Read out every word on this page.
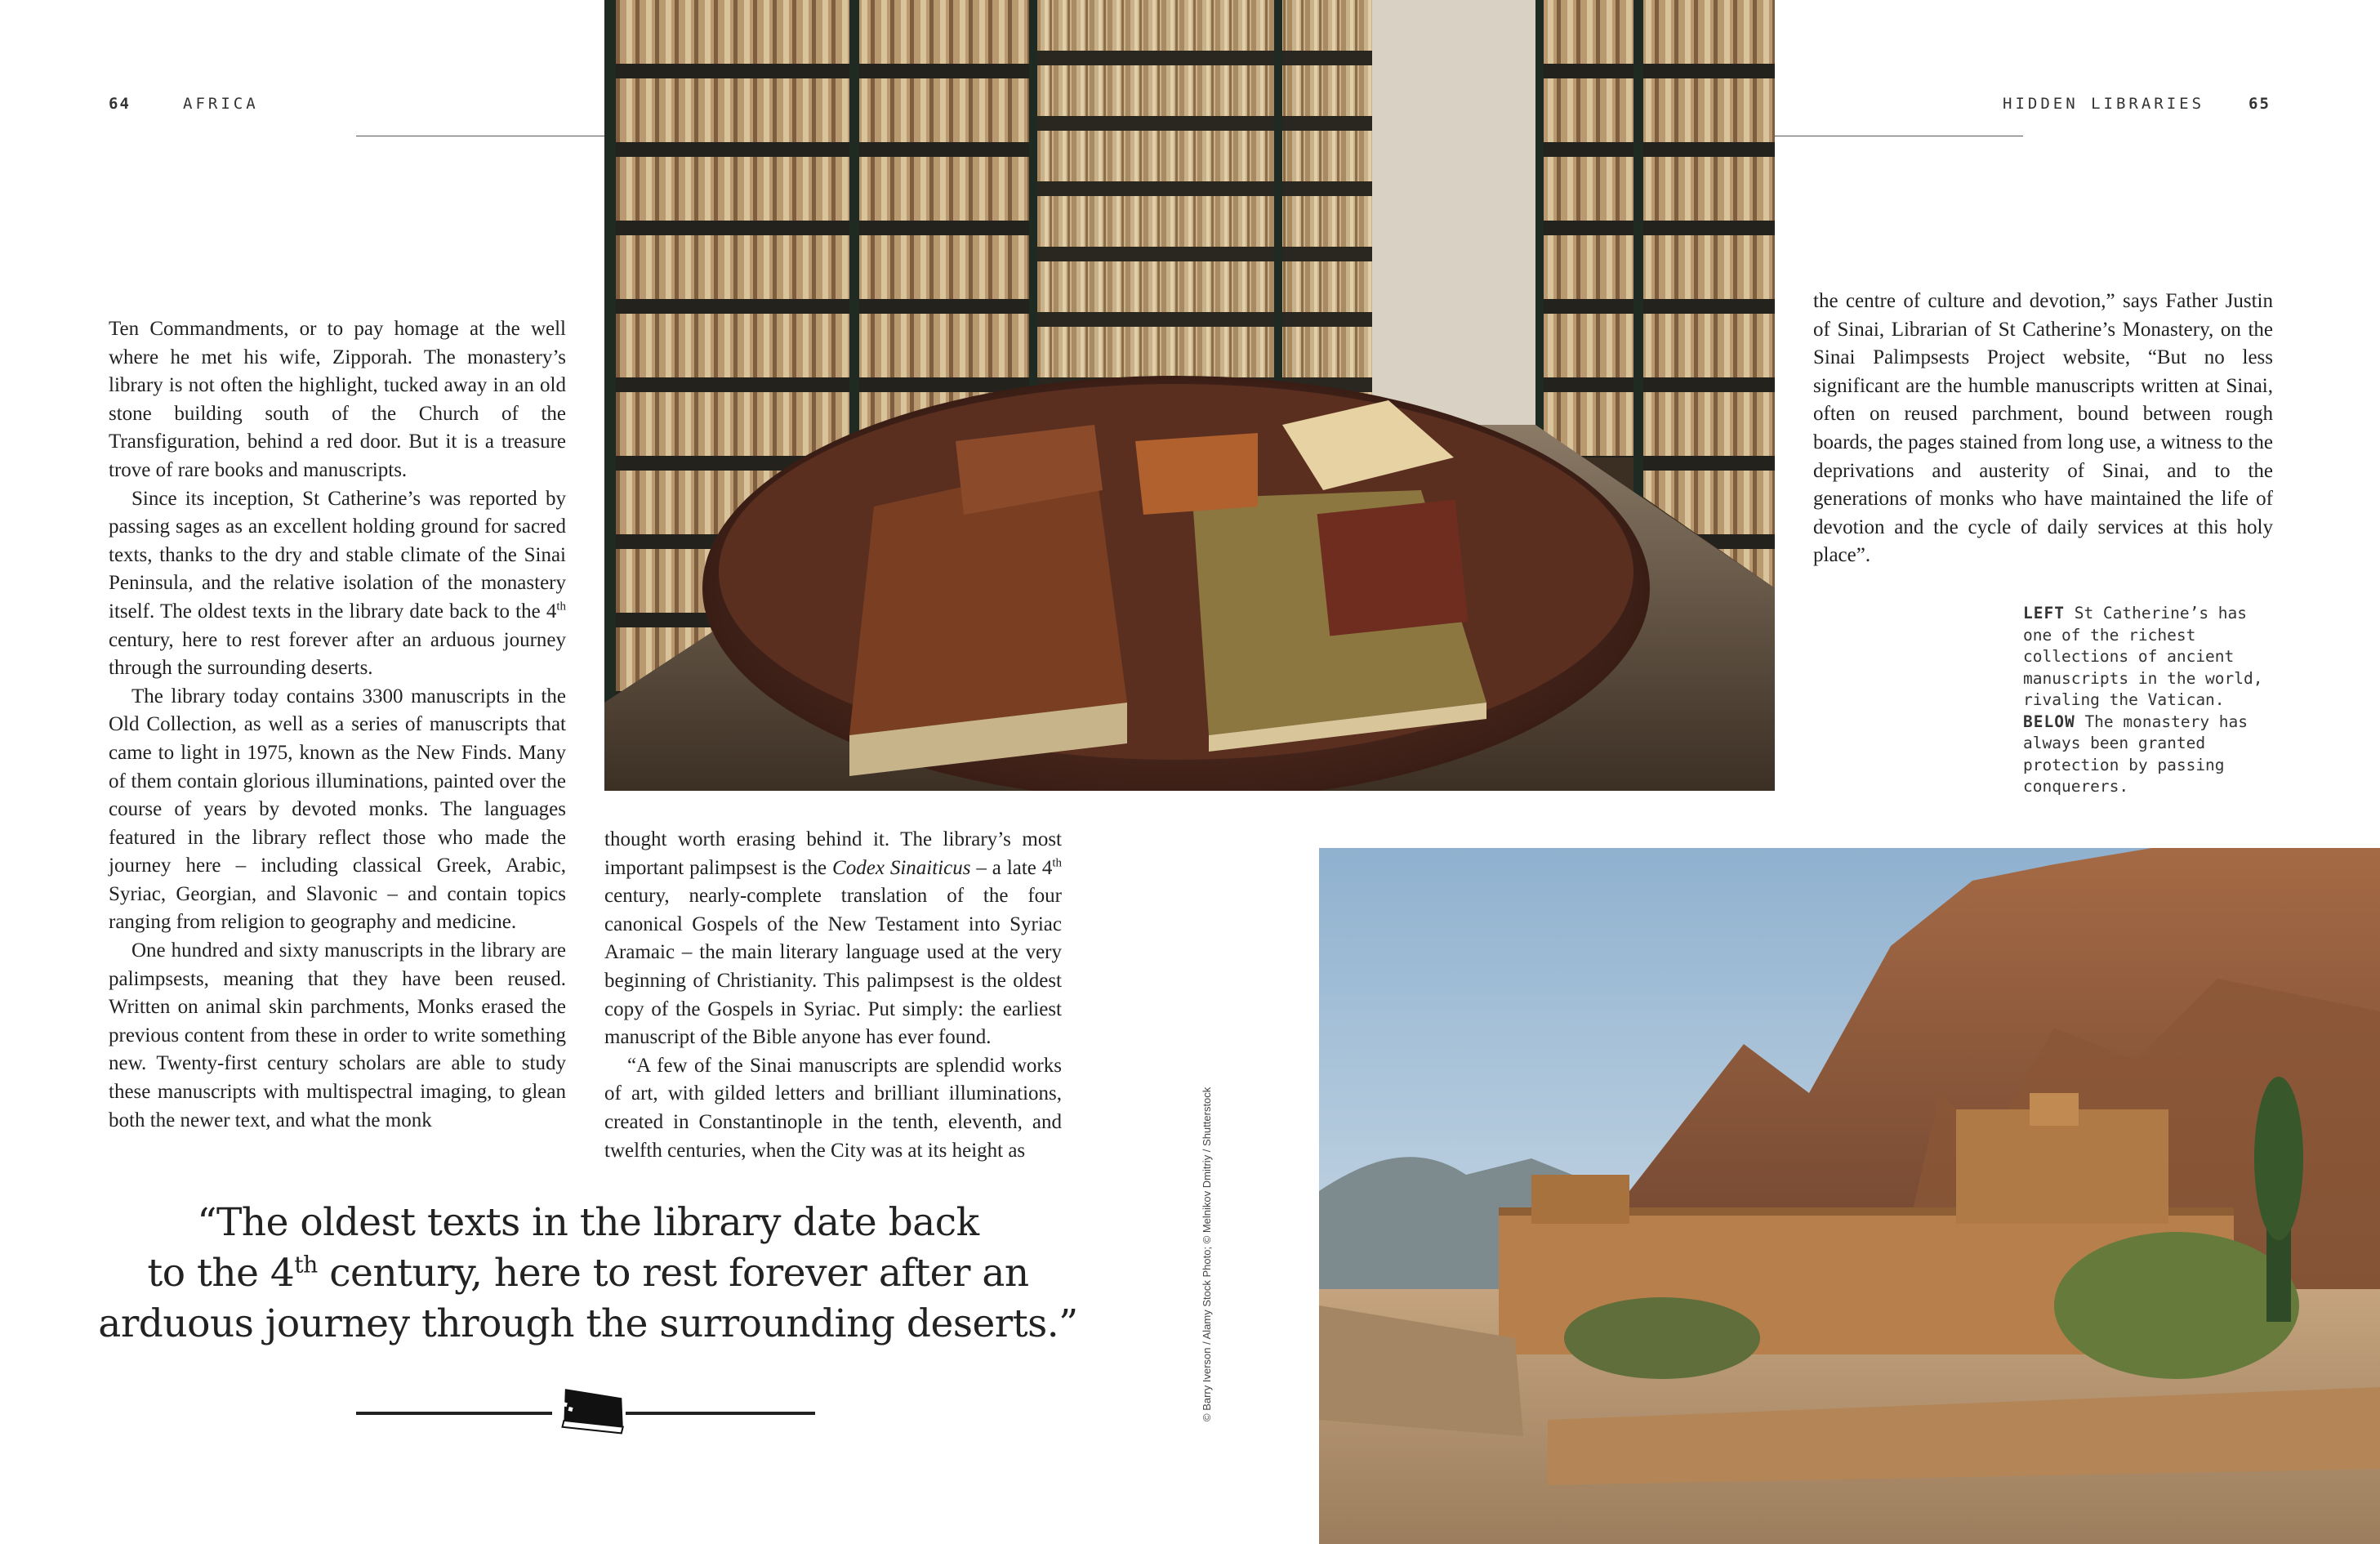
64	AFRICA	HIDDEN LIBRARIES	65

Ten Commandments, or to pay homage at the well where he met his wife, Zipporah. The monastery’s library is not often the highlight, tucked away in an old stone building south of the Church of the Transfiguration, behind a red door. But it is a treasure trove of rare books and manuscripts.

Since its inception, St Catherine’s was reported by passing sages as an excellent holding ground for sacred texts, thanks to the dry and stable climate of the Sinai Peninsula, and the relative isolation of the monastery itself. The oldest texts in the library date back to the 4th century, here to rest forever after an arduous journey through the surrounding deserts.

The library today contains 3300 manuscripts in the Old Collection, as well as a series of manuscripts that came to light in 1975, known as the New Finds. Many of them contain glorious illuminations, painted over the course of years by devoted monks. The languages featured in the library reflect those who made the journey here – including classical Greek, Arabic, Syriac, Georgian, and Slavonic – and contain topics ranging from religion to geography and medicine.

One hundred and sixty manuscripts in the library are palimpsests, meaning that they have been reused. Written on animal skin parchments, Monks erased the previous content from these in order to write something new. Twenty-first century scholars are able to study these manuscripts with multispectral imaging, to glean both the newer text, and what the monk

thought worth erasing behind it. The library’s most important palimpsest is the Codex Sinaiticus – a late 4th century, nearly-complete translation of the four canonical Gospels of the New Testament into Syriac Aramaic – the main literary language used at the very beginning of Christianity. This palimpsest is the oldest copy of the Gospels in Syriac. Put simply: the earliest manuscript of the Bible anyone has ever found.

“A few of the Sinai manuscripts are splendid works of art, with gilded letters and brilliant illuminations, created in Constantinople in the tenth, eleventh, and twelfth centuries, when the City was at its height as

the centre of culture and devotion,” says Father Justin of Sinai, Librarian of St Catherine’s Monastery, on the Sinai Palimpsests Project website, “But no less significant are the humble manuscripts written at Sinai, often on reused parchment, bound between rough boards, the pages stained from long use, a witness to the deprivations and austerity of Sinai, and to the generations of monks who have maintained the life of devotion and the cycle of daily services at this holy place”.

LEFT St Catherine’s has one of the richest collections of ancient manuscripts in the world, rivaling the Vatican. BELOW The monastery has always been granted protection by passing conquerers.
© Barry Iverson / Alamy Stock Photo; © Melnikov Dmitriy / Shutterstock
“The oldest texts in the library date back
to the 4th century, here to rest forever after an
arduous journey through the surrounding deserts.”
